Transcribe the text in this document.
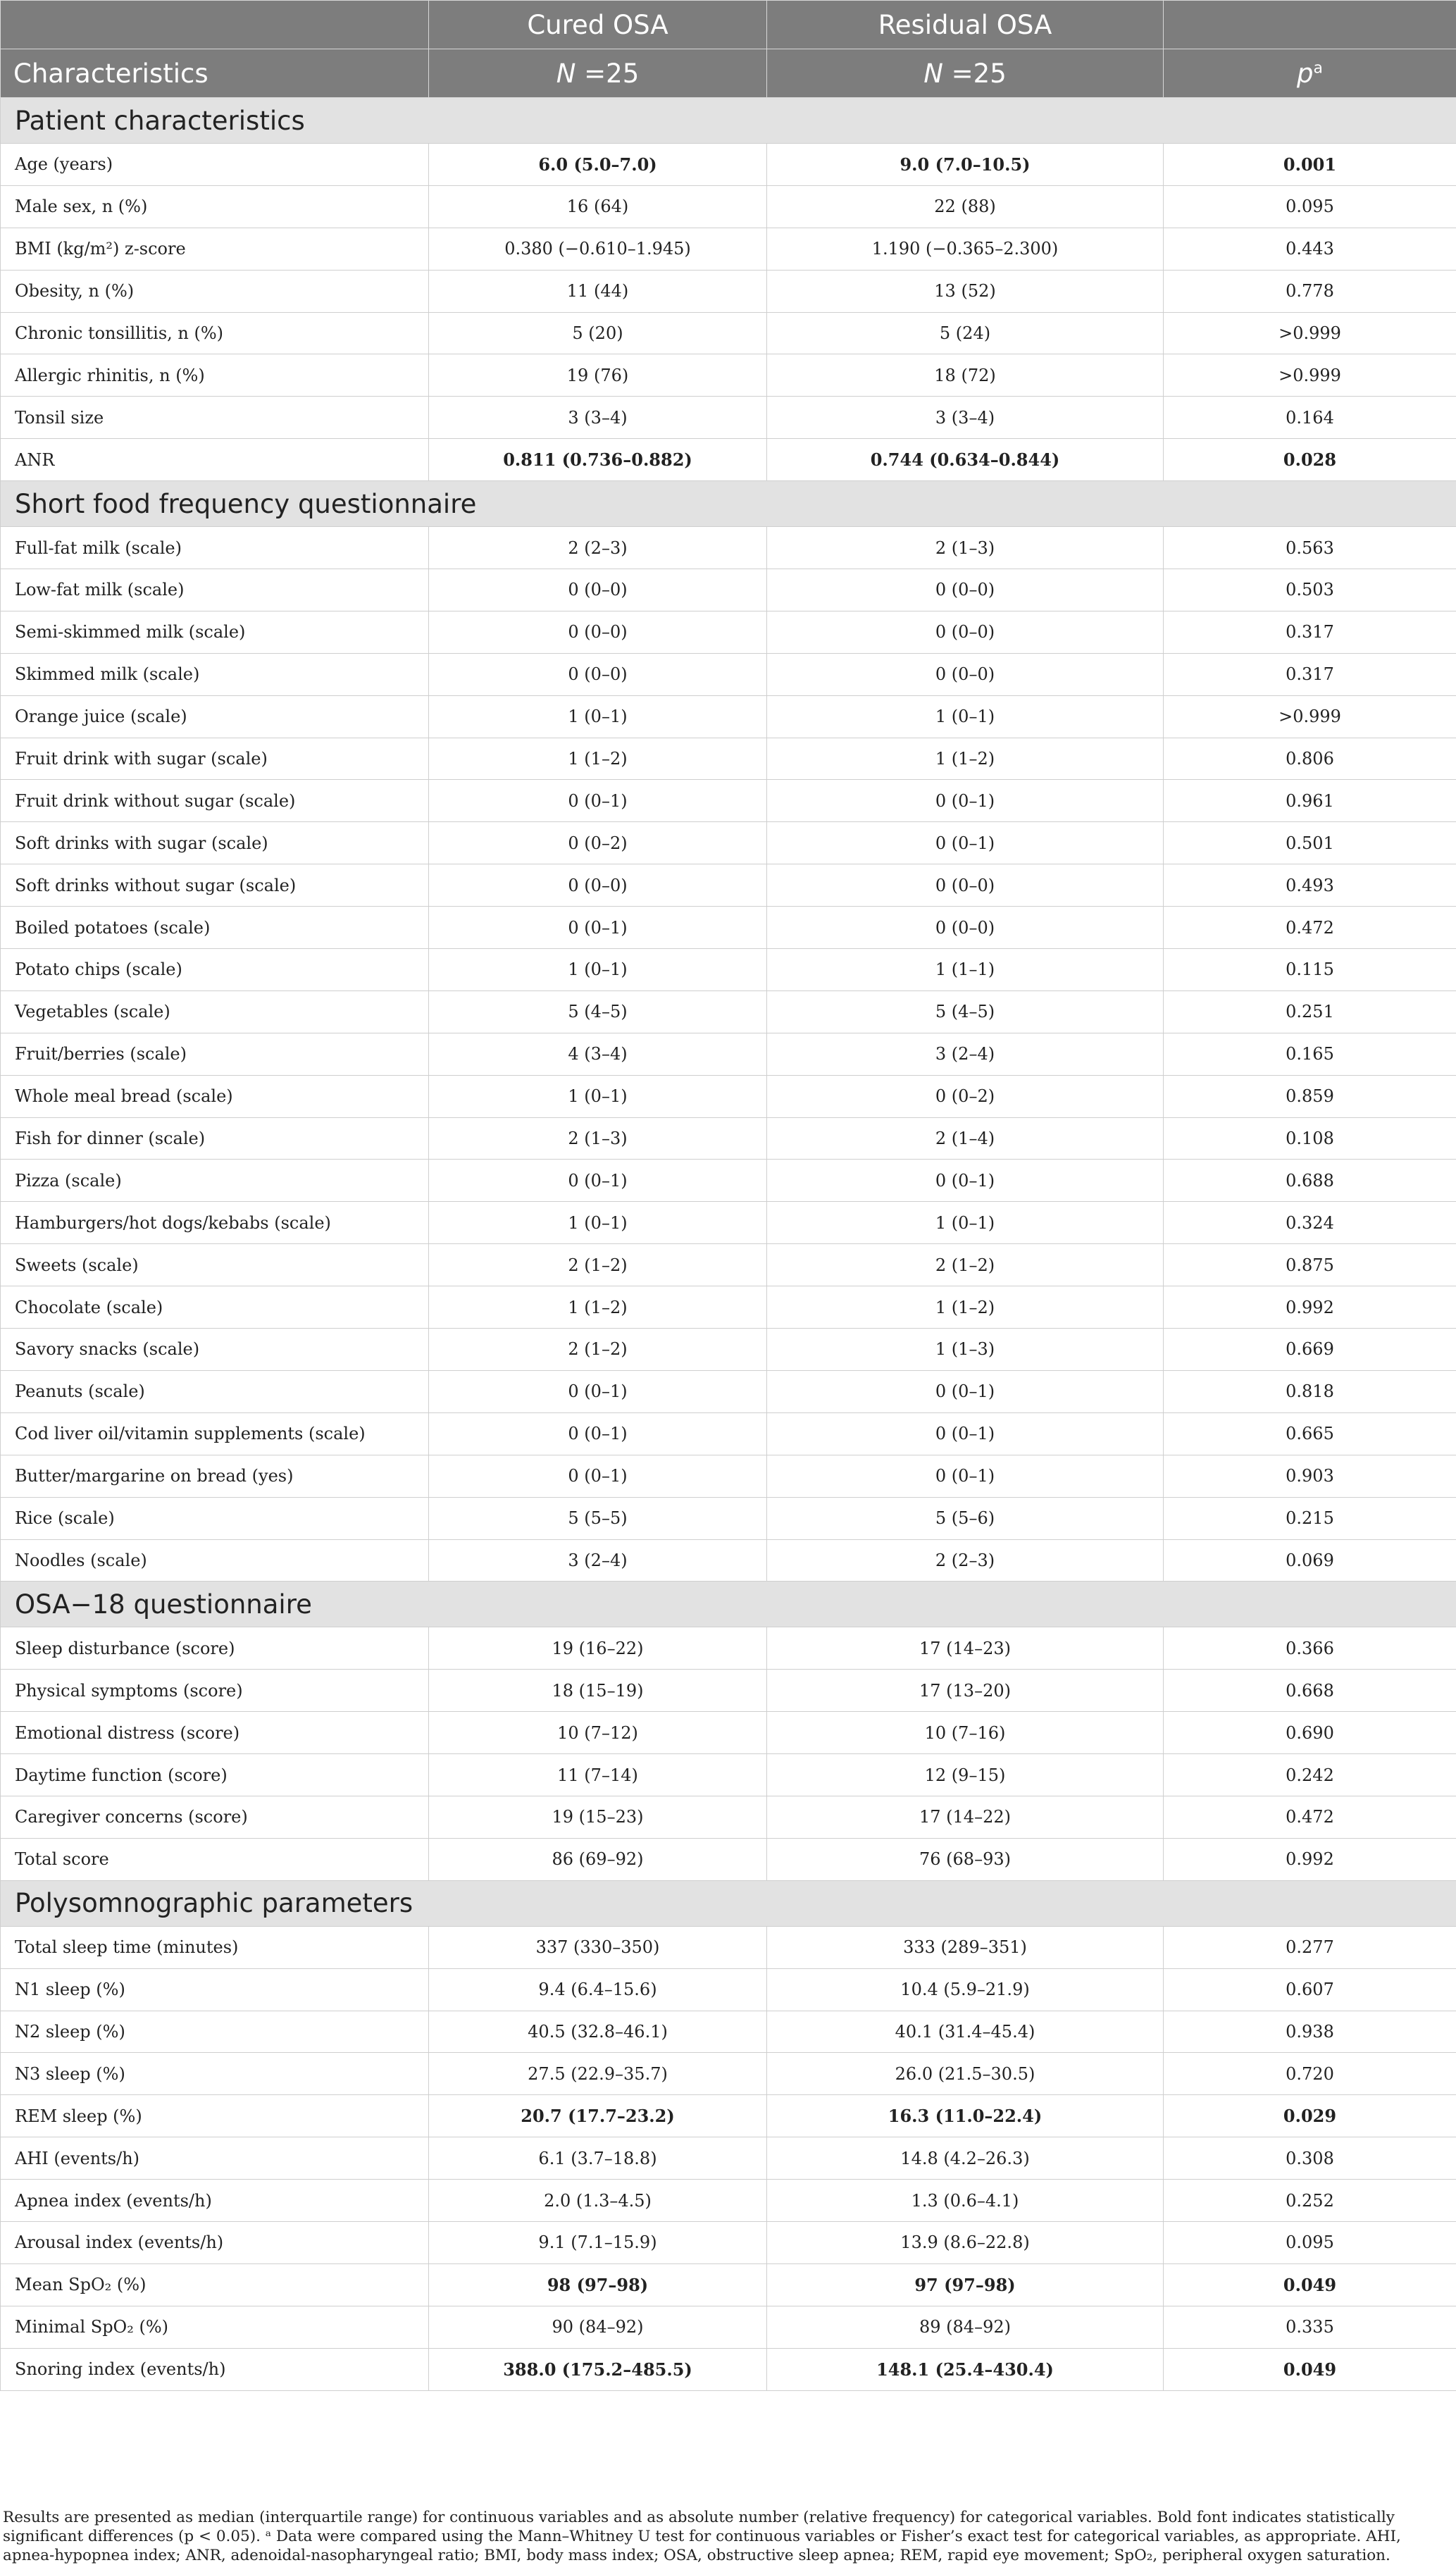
	Cured OSA	Residual OSA	
Characteristics	N =25	N =25	$p^a$
Patient characteristics			
Age (years)	6.0 (5.0–7.0)	9.0 (7.0–10.5)	0.001
Male sex, n (%)	16 (64)	22 (88)	0.095
BMI (kg/m²) z-score	0.380 (−0.610–1.945)	1.190 (−0.365–2.300)	0.443
Obesity, n (%)	11 (44)	13 (52)	0.778
Chronic tonsillitis, n (%)	5 (20)	5 (24)	>0.999
Allergic rhinitis, n (%)	19 (76)	18 (72)	>0.999
Tonsil size	3 (3–4)	3 (3–4)	0.164
ANR	0.811 (0.736–0.882)	0.744 (0.634–0.844)	0.028
Short food frequency questionnaire			
Full-fat milk (scale)	2 (2–3)	2 (1–3)	0.563
Low-fat milk (scale)	0 (0–0)	0 (0–0)	0.503
Semi-skimmed milk (scale)	0 (0–0)	0 (0–0)	0.317
Skimmed milk (scale)	0 (0–0)	0 (0–0)	0.317
Orange juice (scale)	1 (0–1)	1 (0–1)	>0.999
Fruit drink with sugar (scale)	1 (1–2)	1 (1–2)	0.806
Fruit drink without sugar (scale)	0 (0–1)	0 (0–1)	0.961
Soft drinks with sugar (scale)	0 (0–2)	0 (0–1)	0.501
Soft drinks without sugar (scale)	0 (0–0)	0 (0–0)	0.493
Boiled potatoes (scale)	0 (0–1)	0 (0–0)	0.472
Potato chips (scale)	1 (0–1)	1 (1–1)	0.115
Vegetables (scale)	5 (4–5)	5 (4–5)	0.251
Fruit/berries (scale)	4 (3–4)	3 (2–4)	0.165
Whole meal bread (scale)	1 (0–1)	0 (0–2)	0.859
Fish for dinner (scale)	2 (1–3)	2 (1–4)	0.108
Pizza (scale)	0 (0–1)	0 (0–1)	0.688
Hamburgers/hot dogs/kebabs (scale)	1 (0–1)	1 (0–1)	0.324
Sweets (scale)	2 (1–2)	2 (1–2)	0.875
Chocolate (scale)	1 (1–2)	1 (1–2)	0.992
Savory snacks (scale)	2 (1–2)	1 (1–3)	0.669
Peanuts (scale)	0 (0–1)	0 (0–1)	0.818
Cod liver oil/vitamin supplements (scale)	0 (0–1)	0 (0–1)	0.665
Butter/margarine on bread (yes)	0 (0–1)	0 (0–1)	0.903
Rice (scale)	5 (5–5)	5 (5–6)	0.215
Noodles (scale)	3 (2–4)	2 (2–3)	0.069
OSA−18 questionnaire			
Sleep disturbance (score)	19 (16–22)	17 (14–23)	0.366
Physical symptoms (score)	18 (15–19)	17 (13–20)	0.668
Emotional distress (score)	10 (7–12)	10 (7–16)	0.690
Daytime function (score)	11 (7–14)	12 (9–15)	0.242
Caregiver concerns (score)	19 (15–23)	17 (14–22)	0.472
Total score	86 (69–92)	76 (68–93)	0.992
Polysomnographic parameters			
Total sleep time (minutes)	337 (330–350)	333 (289–351)	0.277
N1 sleep (%)	9.4 (6.4–15.6)	10.4 (5.9–21.9)	0.607
N2 sleep (%)	40.5 (32.8–46.1)	40.1 (31.4–45.4)	0.938
N3 sleep (%)	27.5 (22.9–35.7)	26.0 (21.5–30.5)	0.720
REM sleep (%)	20.7 (17.7–23.2)	16.3 (11.0–22.4)	0.029
AHI (events/h)	6.1 (3.7–18.8)	14.8 (4.2–26.3)	0.308
Apnea index (events/h)	2.0 (1.3–4.5)	1.3 (0.6–4.1)	0.252
Arousal index (events/h)	9.1 (7.1–15.9)	13.9 (8.6–22.8)	0.095
Mean SpO₂ (%)	98 (97–98)	97 (97–98)	0.049
Minimal SpO₂ (%)	90 (84–92)	89 (84–92)	0.335
Snoring index (events/h)	388.0 (175.2–485.5)	148.1 (25.4–430.4)	0.049
Results are presented as median (interquartile range) for continuous variables and as absolute number (relative frequency) for categorical variables. Bold font indicates statistically significant differences (p < 0.05). ᵃ Data were compared using the Mann–Whitney U test for continuous variables or Fisher’s exact test for categorical variables, as appropriate. AHI, apnea-hypopnea index; ANR, adenoidal-nasopharyngeal ratio; BMI, body mass index; OSA, obstructive sleep apnea; REM, rapid eye movement; SpO₂, peripheral oxygen saturation.
